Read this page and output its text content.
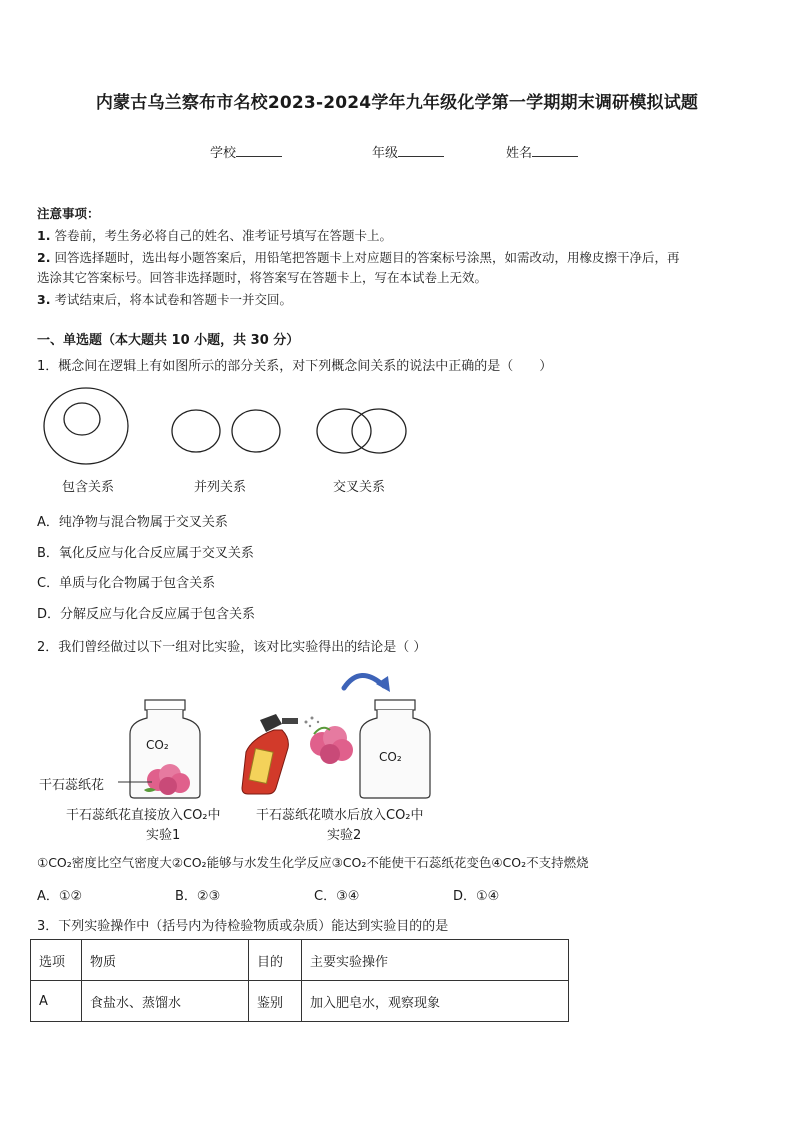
内蒙古乌兰察布市名校2023-2024学年九年级化学第一学期期末调研模拟试题
学校	年级	姓名
注意事项：
1. 答卷前，考生务必将自己的姓名、准考证号填写在答题卡上。
2. 回答选择题时，选出每小题答案后，用铅笔把答题卡上对应题目的答案标号涂黑，如需改动，用橡皮擦干净后，再
选涂其它答案标号。回答非选择题时，将答案写在答题卡上，写在本试卷上无效。
3. 考试结束后，将本试卷和答题卡一并交回。
一、单选题（本大题共 10 小题，共 30 分）
1．概念间在逻辑上有如图所示的部分关系，对下列概念间关系的说法中正确的是（　　）
包含关系	并列关系	交叉关系
A．纯净物与混合物属于交叉关系
B．氧化反应与化合反应属于交叉关系
C．单质与化合物属于包含关系
D．分解反应与化合反应属于包含关系
2．我们曾经做过以下一组对比实验，该对比实验得出的结论是（ ）
CO₂
CO₂
干石蕊纸花
干石蕊纸花直接放入CO₂中
实验1
干石蕊纸花喷水后放入CO₂中
实验2
①CO₂密度比空气密度大②CO₂能够与水发生化学反应③CO₂不能使干石蕊纸花变色④CO₂不支持燃烧
A．①②	B．②③	C．③④	D．①④
3．下列实验操作中（括号内为待检验物质或杂质）能达到实验目的的是
选项	物质	目的	主要实验操作
A	食盐水、蒸馏水	鉴别	加入肥皂水，观察现象
